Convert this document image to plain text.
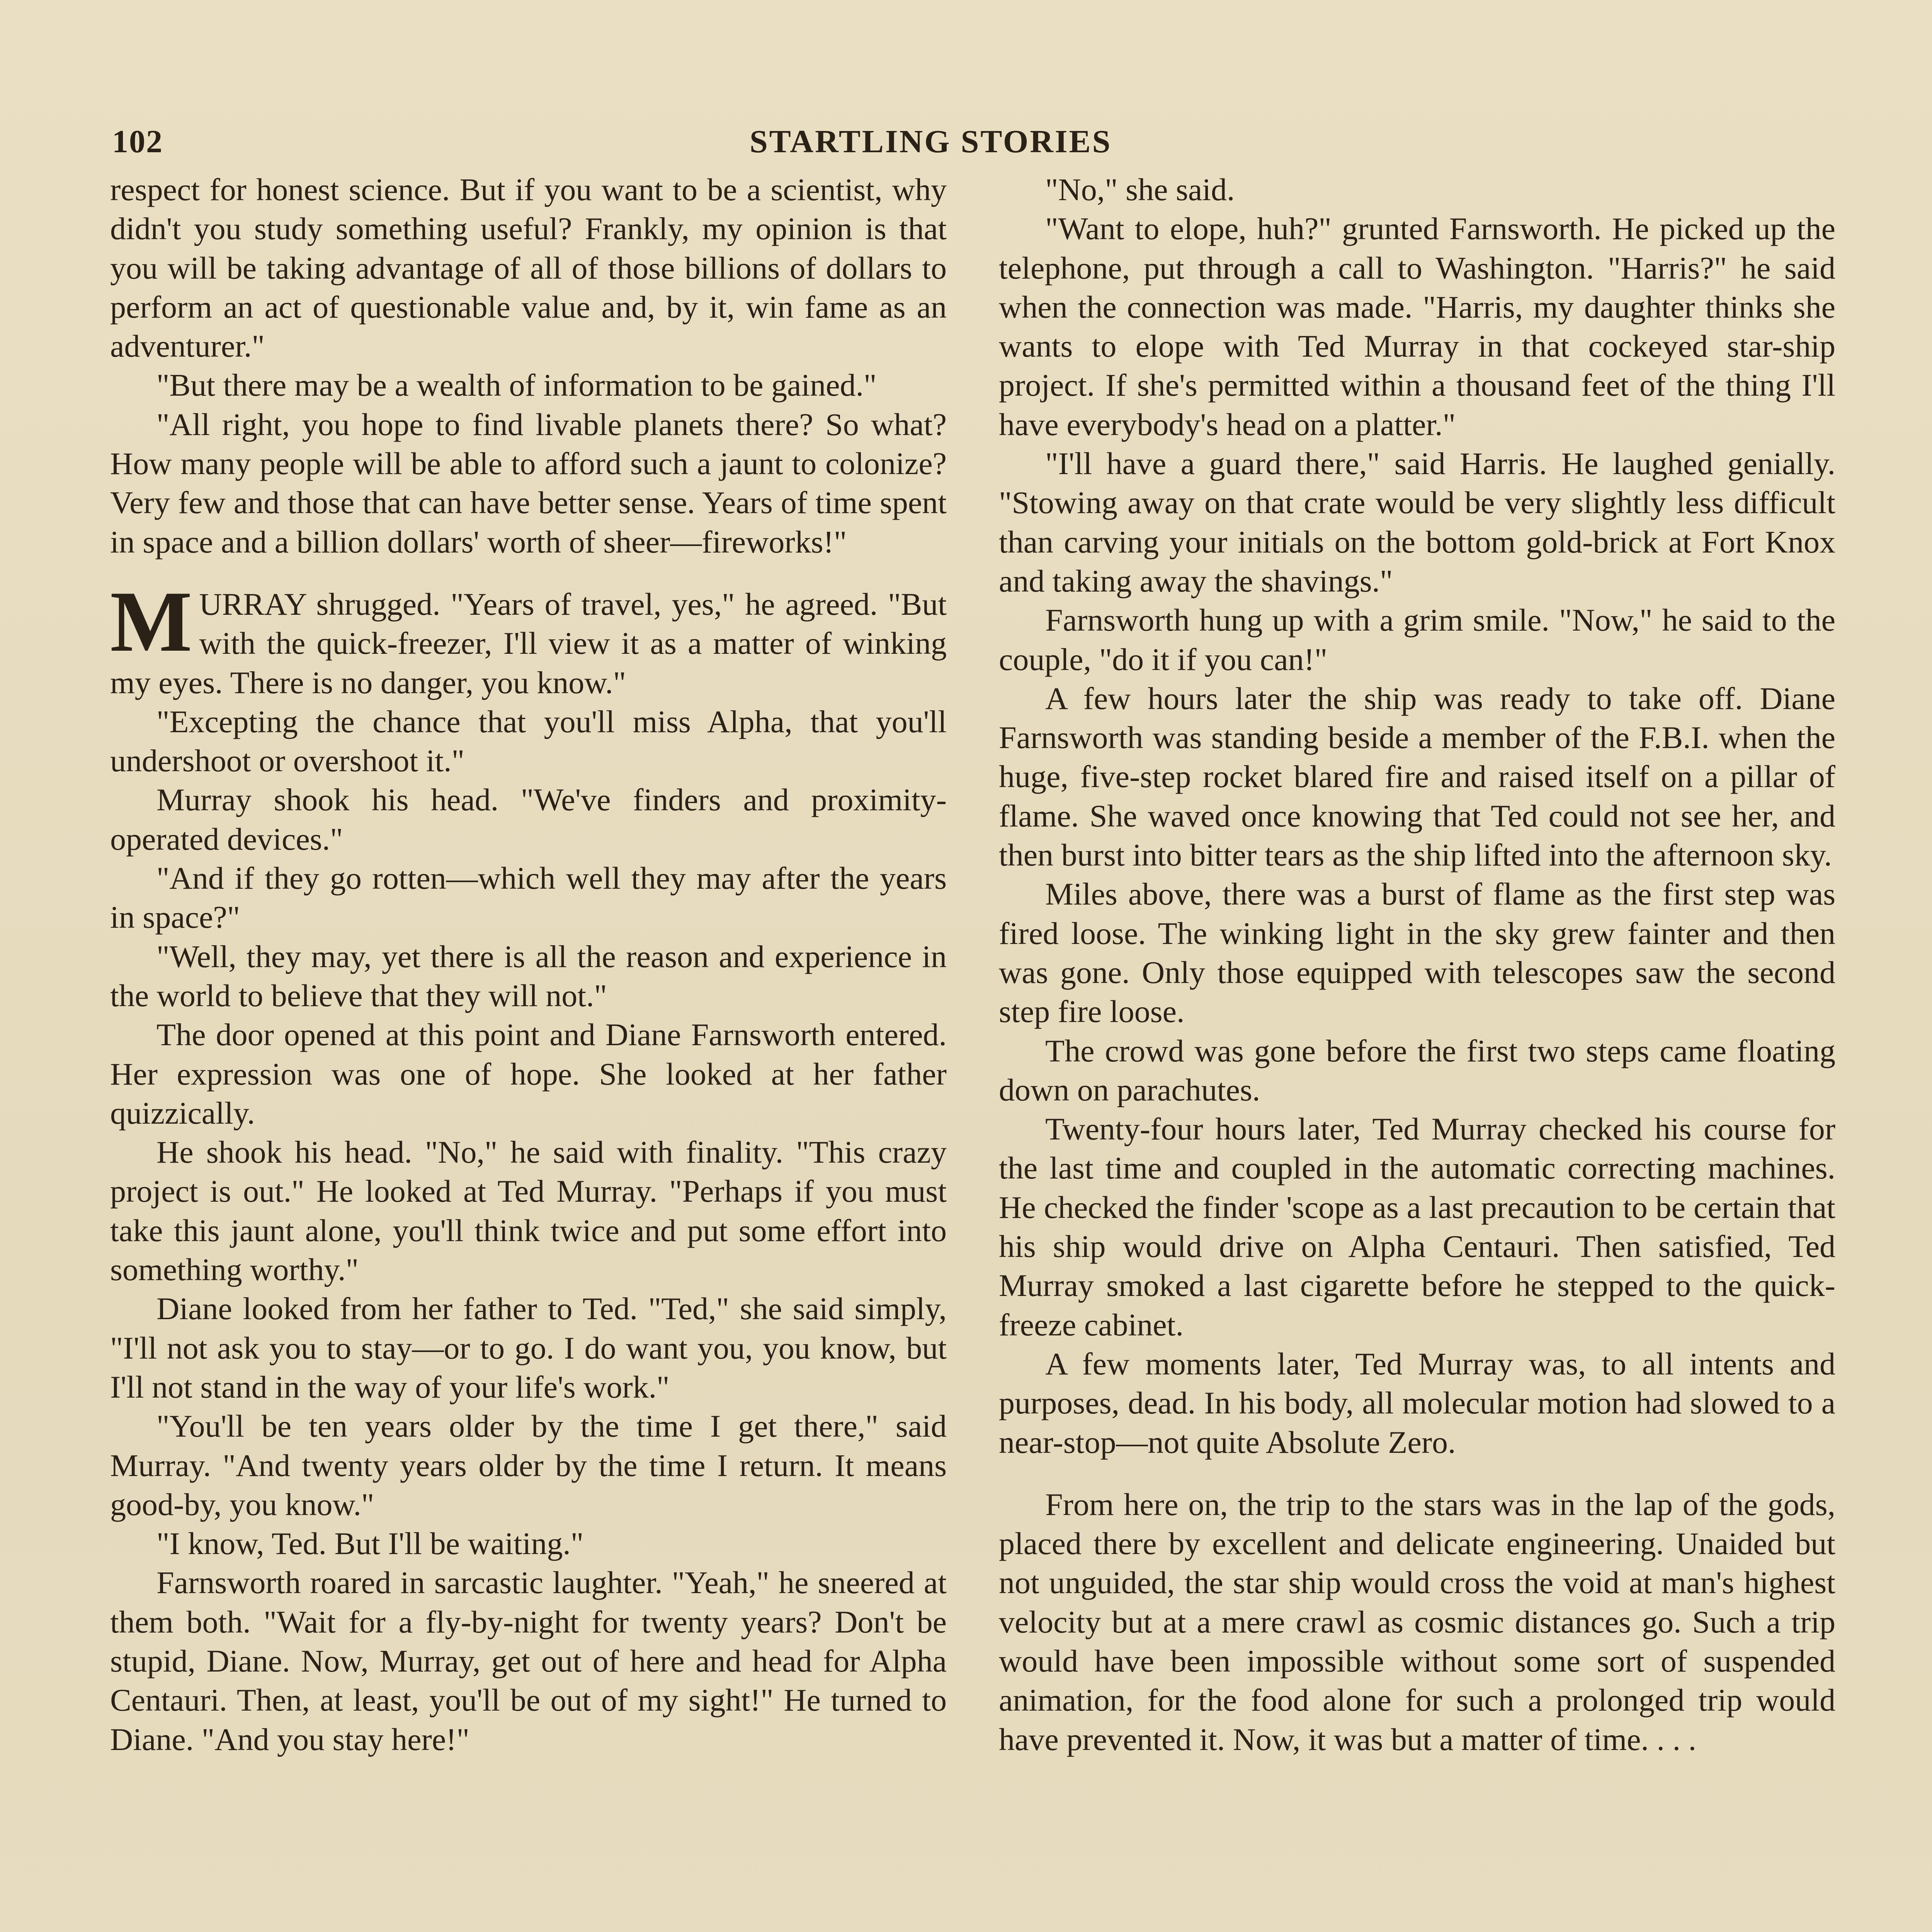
102	STARTLING STORIES

respect for honest science. But if you want to be a scientist, why didn't you study something useful? Frankly, my opinion is that you will be taking advantage of all of those billions of dollars to perform an act of questionable value and, by it, win fame as an adventurer."

"But there may be a wealth of information to be gained."

"All right, you hope to find livable planets there? So what? How many people will be able to afford such a jaunt to colonize? Very few and those that can have better sense. Years of time spent in space and a billion dollars' worth of sheer—fireworks!"

MURRAY shrugged. "Years of travel, yes," he agreed. "But with the quick-freezer, I'll view it as a matter of winking my eyes. There is no danger, you know."

"Excepting the chance that you'll miss Alpha, that you'll undershoot or overshoot it."

Murray shook his head. "We've finders and proximity-operated devices."

"And if they go rotten—which well they may after the years in space?"

"Well, they may, yet there is all the reason and experience in the world to believe that they will not."

The door opened at this point and Diane Farnsworth entered. Her expression was one of hope. She looked at her father quizzically.

He shook his head. "No," he said with finality. "This crazy project is out." He looked at Ted Murray. "Perhaps if you must take this jaunt alone, you'll think twice and put some effort into something worthy."

Diane looked from her father to Ted. "Ted," she said simply, "I'll not ask you to stay—or to go. I do want you, you know, but I'll not stand in the way of your life's work."

"You'll be ten years older by the time I get there," said Murray. "And twenty years older by the time I return. It means good-by, you know."

"I know, Ted. But I'll be waiting."

Farnsworth roared in sarcastic laughter. "Yeah," he sneered at them both. "Wait for a fly-by-night for twenty years? Don't be stupid, Diane. Now, Murray, get out of here and head for Alpha Centauri. Then, at least, you'll be out of my sight!" He turned to Diane. "And you stay here!"

"No," she said.

"Want to elope, huh?" grunted Farnsworth. He picked up the telephone, put through a call to Washington. "Harris?" he said when the connection was made. "Harris, my daughter thinks she wants to elope with Ted Murray in that cockeyed star-ship project. If she's permitted within a thousand feet of the thing I'll have everybody's head on a platter."

"I'll have a guard there," said Harris. He laughed genially. "Stowing away on that crate would be very slightly less difficult than carving your initials on the bottom gold-brick at Fort Knox and taking away the shavings."

Farnsworth hung up with a grim smile. "Now," he said to the couple, "do it if you can!"

A few hours later the ship was ready to take off. Diane Farnsworth was standing beside a member of the F.B.I. when the huge, five-step rocket blared fire and raised itself on a pillar of flame. She waved once knowing that Ted could not see her, and then burst into bitter tears as the ship lifted into the afternoon sky.

Miles above, there was a burst of flame as the first step was fired loose. The winking light in the sky grew fainter and then was gone. Only those equipped with telescopes saw the second step fire loose.

The crowd was gone before the first two steps came floating down on parachutes.

Twenty-four hours later, Ted Murray checked his course for the last time and coupled in the automatic correcting machines. He checked the finder 'scope as a last precaution to be certain that his ship would drive on Alpha Centauri. Then satisfied, Ted Murray smoked a last cigarette before he stepped to the quick-freeze cabinet.

A few moments later, Ted Murray was, to all intents and purposes, dead. In his body, all molecular motion had slowed to a near-stop—not quite Absolute Zero.

From here on, the trip to the stars was in the lap of the gods, placed there by excellent and delicate engineering. Unaided but not unguided, the star ship would cross the void at man's highest velocity but at a mere crawl as cosmic distances go. Such a trip would have been impossible without some sort of suspended animation, for the food alone for such a prolonged trip would have prevented it. Now, it was but a matter of time. . . .
